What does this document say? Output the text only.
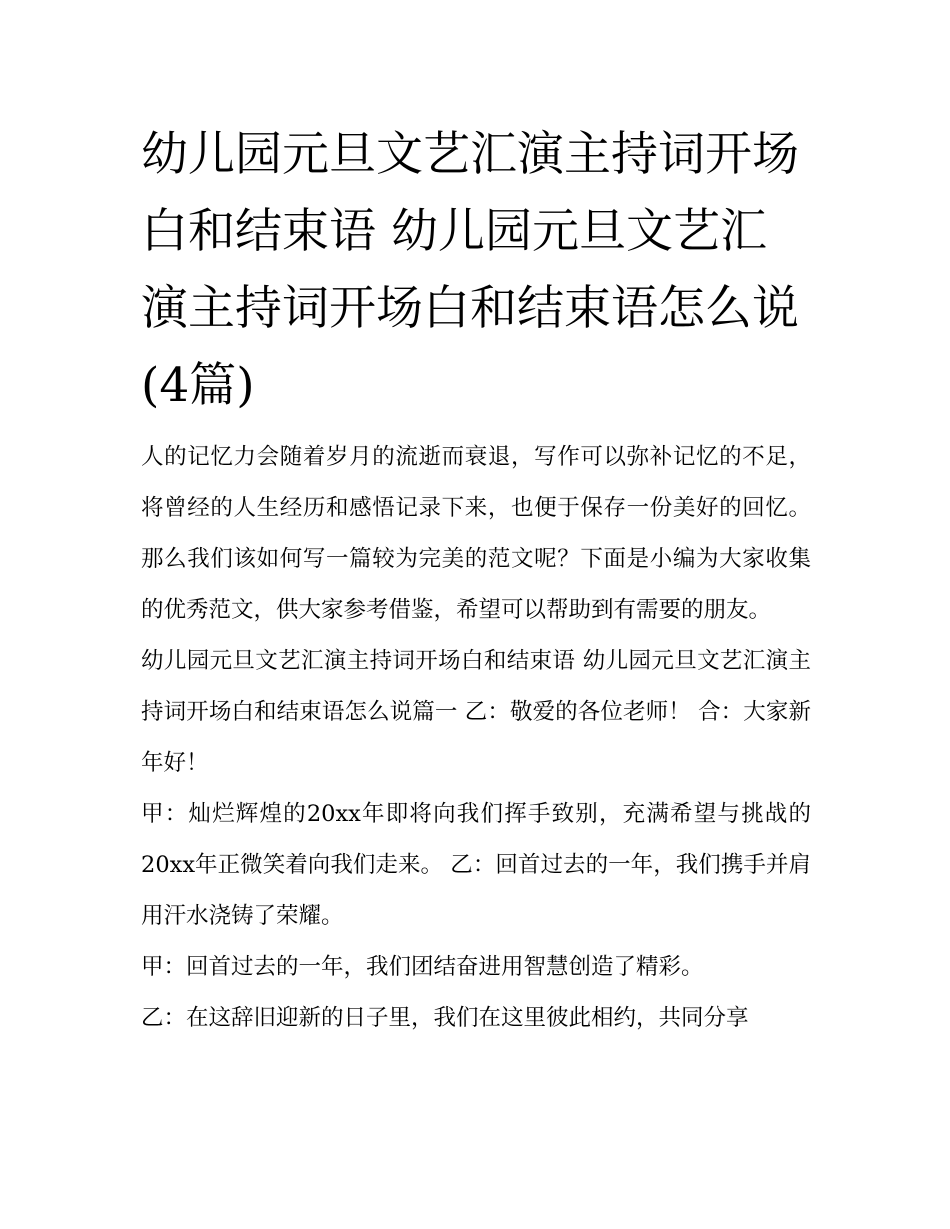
幼儿园元旦文艺汇演主持词开场白和结束语 幼儿园元旦文艺汇演主持词开场白和结束语怎么说(4篇)

人的记忆力会随着岁月的流逝而衰退，写作可以弥补记忆的不足，将曾经的人生经历和感悟记录下来，也便于保存一份美好的回忆。那么我们该如何写一篇较为完美的范文呢？下面是小编为大家收集的优秀范文，供大家参考借鉴，希望可以帮助到有需要的朋友。

幼儿园元旦文艺汇演主持词开场白和结束语 幼儿园元旦文艺汇演主持词开场白和结束语怎么说篇一 乙：敬爱的各位老师！ 合：大家新年好！

甲：灿烂辉煌的20xx年即将向我们挥手致别，充满希望与挑战的20xx年正微笑着向我们走来。 乙：回首过去的一年，我们携手并肩用汗水浇铸了荣耀。

甲：回首过去的一年，我们团结奋进用智慧创造了精彩。

乙：在这辞旧迎新的日子里，我们在这里彼此相约，共同分享
